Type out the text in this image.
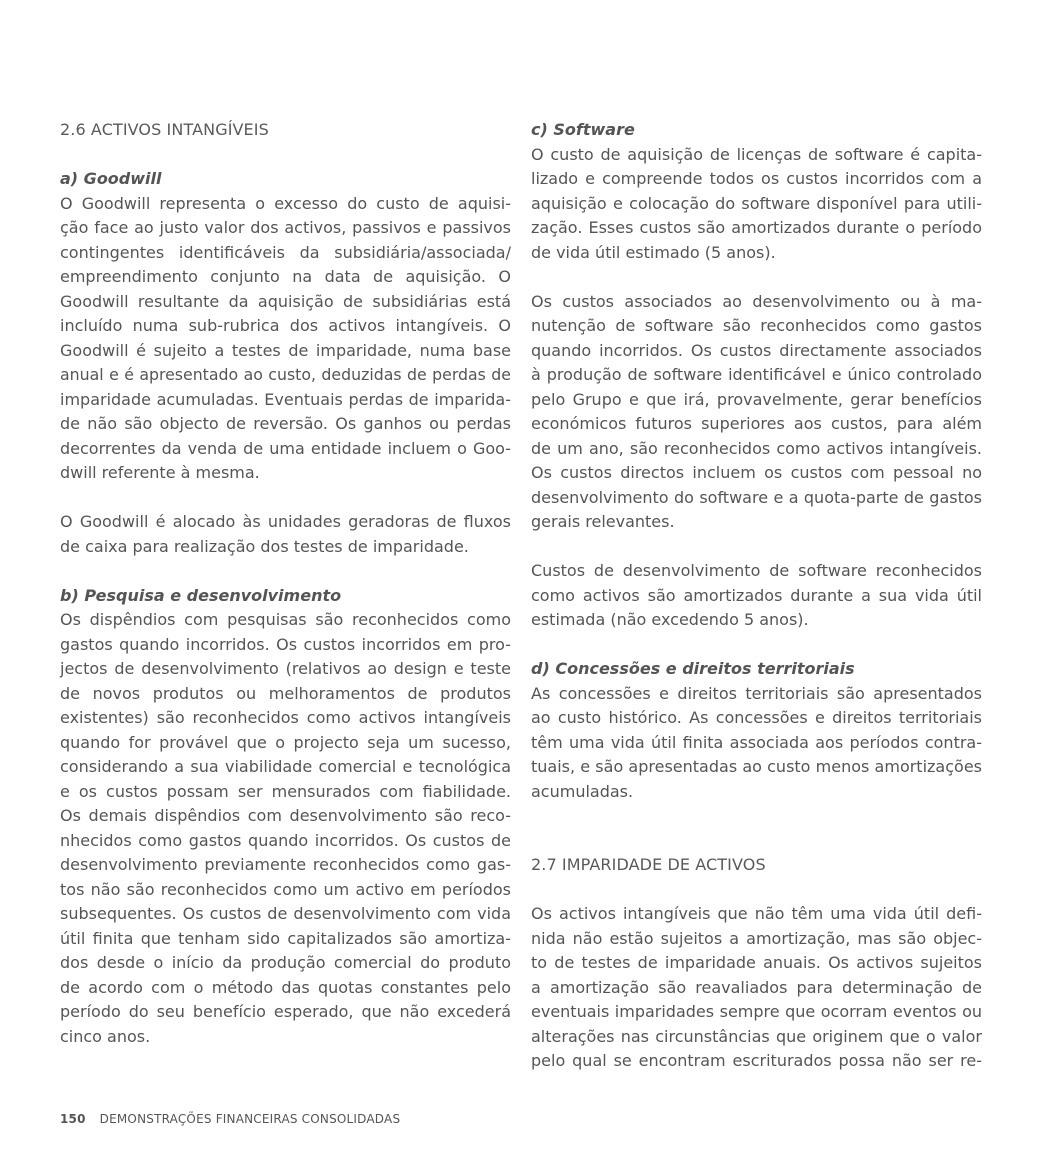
2.6 ACTIVOS INTANGÍVEIS
a) Goodwill
O Goodwill representa o excesso do custo de aquisi-
ção face ao justo valor dos activos, passivos e passivos
contingentes identificáveis da subsidiária/associada/
empreendimento conjunto na data de aquisição. O
Goodwill resultante da aquisição de subsidiárias está
incluído numa sub-rubrica dos activos intangíveis. O
Goodwill é sujeito a testes de imparidade, numa base
anual e é apresentado ao custo, deduzidas de perdas de
imparidade acumuladas. Eventuais perdas de imparida-
de não são objecto de reversão. Os ganhos ou perdas
decorrentes da venda de uma entidade incluem o Goo-
dwill referente à mesma.
O Goodwill é alocado às unidades geradoras de fluxos
de caixa para realização dos testes de imparidade.
b) Pesquisa e desenvolvimento
Os dispêndios com pesquisas são reconhecidos como
gastos quando incorridos. Os custos incorridos em pro-
jectos de desenvolvimento (relativos ao design e teste
de novos produtos ou melhoramentos de produtos
existentes) são reconhecidos como activos intangíveis
quando for provável que o projecto seja um sucesso,
considerando a sua viabilidade comercial e tecnológica
e os custos possam ser mensurados com fiabilidade.
Os demais dispêndios com desenvolvimento são reco-
nhecidos como gastos quando incorridos. Os custos de
desenvolvimento previamente reconhecidos como gas-
tos não são reconhecidos como um activo em períodos
subsequentes. Os custos de desenvolvimento com vida
útil finita que tenham sido capitalizados são amortiza-
dos desde o início da produção comercial do produto
de acordo com o método das quotas constantes pelo
período do seu benefício esperado, que não excederá
cinco anos.
c) Software
O custo de aquisição de licenças de software é capita-
lizado e compreende todos os custos incorridos com a
aquisição e colocação do software disponível para utili-
zação. Esses custos são amortizados durante o período
de vida útil estimado (5 anos).
Os custos associados ao desenvolvimento ou à ma-
nutenção de software são reconhecidos como gastos
quando incorridos. Os custos directamente associados
à produção de software identificável e único controlado
pelo Grupo e que irá, provavelmente, gerar benefícios
económicos futuros superiores aos custos, para além
de um ano, são reconhecidos como activos intangíveis.
Os custos directos incluem os custos com pessoal no
desenvolvimento do software e a quota-parte de gastos
gerais relevantes.
Custos de desenvolvimento de software reconhecidos
como activos são amortizados durante a sua vida útil
estimada (não excedendo 5 anos).
d) Concessões e direitos territoriais
As concessões e direitos territoriais são apresentados
ao custo histórico. As concessões e direitos territoriais
têm uma vida útil finita associada aos períodos contra-
tuais, e são apresentadas ao custo menos amortizações
acumuladas.
2.7 IMPARIDADE DE ACTIVOS
Os activos intangíveis que não têm uma vida útil defi-
nida não estão sujeitos a amortização, mas são objec-
to de testes de imparidade anuais. Os activos sujeitos
a amortização são reavaliados para determinação de
eventuais imparidades sempre que ocorram eventos ou
alterações nas circunstâncias que originem que o valor
pelo qual se encontram escriturados possa não ser re-
150 DEMONSTRAÇÕES FINANCEIRAS CONSOLIDADAS
